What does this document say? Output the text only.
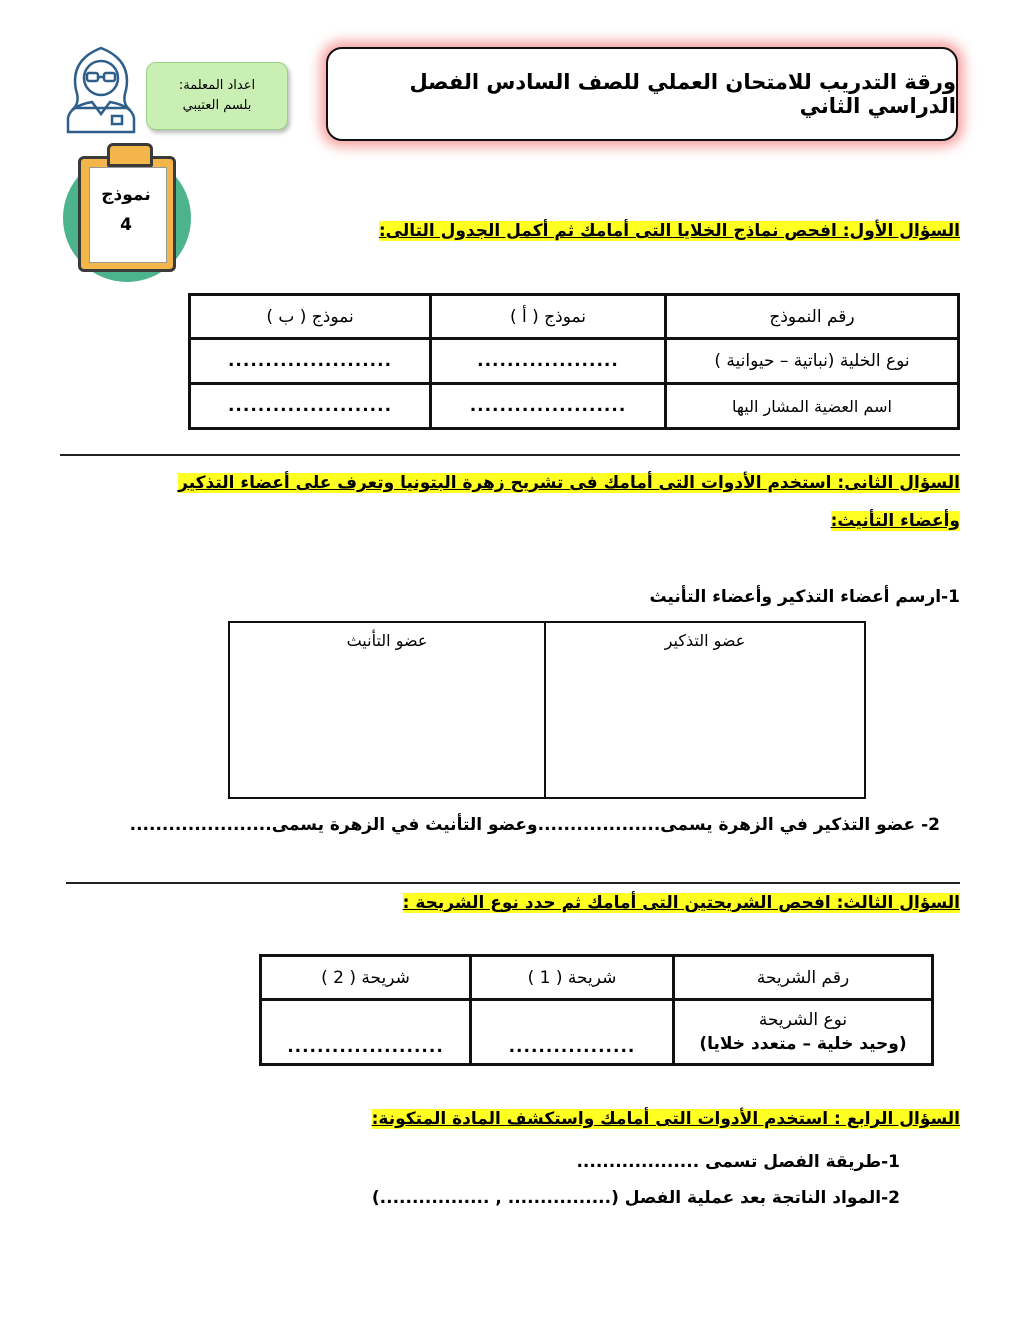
ورقة التدريب للامتحان العملي للصف السادس الفصل الدراسي الثاني
اعداد المعلمة:
بلسم العتيبي
نموذج
4	السؤال الأول: افحص نماذج الخلايا التى أمامك ثم أكمل الجدول التالى:
رقم النموذج	نموذج ( أ )	نموذج ( ب )
نوع الخلية (نباتية – حيوانية )	...................	......................
اسم العضية المشار اليها	.....................	......................
السؤال الثانى: استخدم الأدوات التى أمامك فى تشريح زهرة البتونيا وتعرف على أعضاء التذكير
وأعضاء التأنيث:
1-ارسم أعضاء التذكير وأعضاء التأنيث
عضو التذكير	عضو التأنيث
2- عضو التذكير في الزهرة يسمى...................وعضو التأنيث في الزهرة يسمى......................
السؤال الثالث: افحص الشريحتين التى أمامك ثم حدد نوع الشريحة :
رقم الشريحة	شريحة ( 1 )	شريحة ( 2 )

نوع الشريحة
(وحيد خلية – متعدد خلايا)	.................	.....................
السؤال الرابع : استخدم الأدوات التى أمامك واستكشف المادة المتكونة:
1-طريقة الفصل تسمى ...................
2-المواد الناتجة بعد عملية الفصل (................ , .................)
